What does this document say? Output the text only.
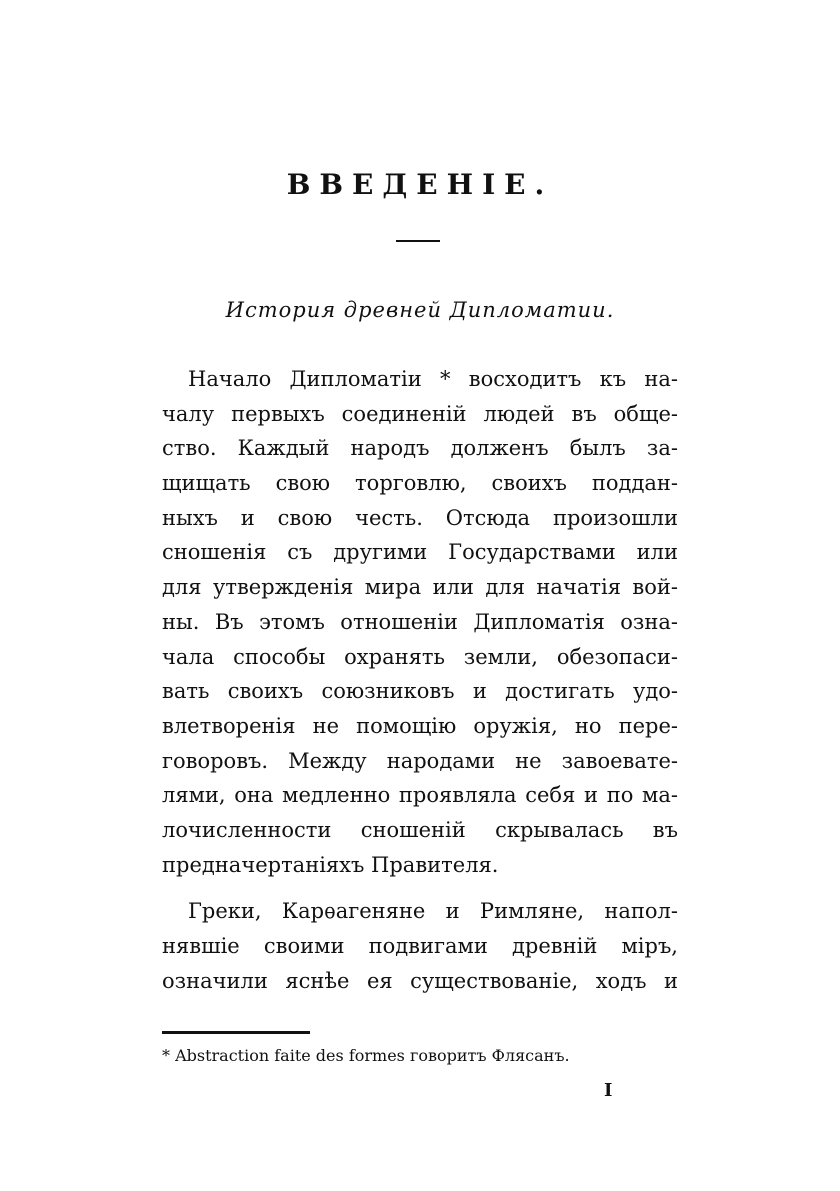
ВВЕДЕНІЕ.
История древней Дипломатии.
Начало Дипломатіи * восходитъ къ на-
чалу первыхъ соединеній людей въ обще-
ство. Каждый народъ долженъ былъ за-
щищать свою торговлю, своихъ поддан-
ныхъ и свою честь. Отсюда произошли
сношенія съ другими Государствами или
для утвержденія мира или для начатія вой-
ны. Въ этомъ отношеніи Дипломатія озна-
чала способы охранять земли, обезопаси-
вать своихъ союзниковъ и достигать удо-
влетворенія не помощію оружія, но пере-
говоровъ. Между народами не завоевате-
лями, она медленно проявляла себя и по ма-
лочисленности сношеній скрывалась въ
предначертаніяхъ Правителя.
Греки, Карѳагеняне и Римляне, напол-
нявшіе своими подвигами древній міръ,
означили яснѣе ея существованіе, ходъ и
* Abstraction faite des formes говоритъ Флясанъ.
I
